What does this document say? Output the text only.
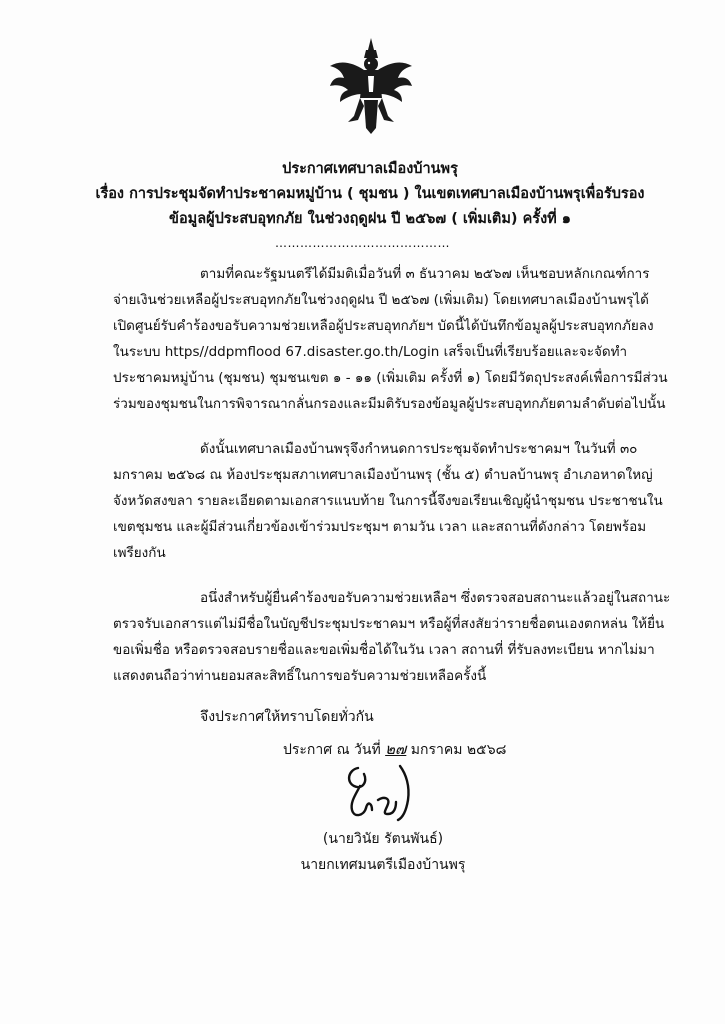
ประกาศเทศบาลเมืองบ้านพรุ
เรื่อง การประชุมจัดทำประชาคมหมู่บ้าน ( ชุมชน ) ในเขตเทศบาลเมืองบ้านพรุเพื่อรับรอง
ข้อมูลผู้ประสบอุทกภัย ในช่วงฤดูฝน ปี ๒๕๖๗ ( เพิ่มเติม) ครั้งที่ ๑
……………………………………
ตามที่คณะรัฐมนตรีได้มีมติเมื่อวันที่ ๓ ธันวาคม ๒๕๖๗ เห็นชอบหลักเกณฑ์การ
จ่ายเงินช่วยเหลือผู้ประสบอุทกภัยในช่วงฤดูฝน ปี ๒๕๖๗ (เพิ่มเติม) โดยเทศบาลเมืองบ้านพรุได้
เปิดศูนย์รับคำร้องขอรับความช่วยเหลือผู้ประสบอุทกภัยฯ บัดนี้ได้บันทึกข้อมูลผู้ประสบอุทกภัยลง
ในระบบ https//ddpmflood 67.disaster.go.th/Login เสร็จเป็นที่เรียบร้อยและจะจัดทำ
ประชาคมหมู่บ้าน (ชุมชน) ชุมชนเขต ๑ - ๑๑ (เพิ่มเติม ครั้งที่ ๑) โดยมีวัตถุประสงค์เพื่อการมีส่วน
ร่วมของชุมชนในการพิจารณากลั่นกรองและมีมติรับรองข้อมูลผู้ประสบอุทกภัยตามลำดับต่อไปนั้น
ดังนั้นเทศบาลเมืองบ้านพรุจึงกำหนดการประชุมจัดทำประชาคมฯ ในวันที่ ๓๐
มกราคม ๒๕๖๘ ณ ห้องประชุมสภาเทศบาลเมืองบ้านพรุ (ชั้น ๕) ตำบลบ้านพรุ อำเภอหาดใหญ่
จังหวัดสงขลา รายละเอียดตามเอกสารแนบท้าย ในการนี้จึงขอเรียนเชิญผู้นำชุมชน ประชาชนใน
เขตชุมชน และผู้มีส่วนเกี่ยวข้องเข้าร่วมประชุมฯ ตามวัน เวลา และสถานที่ดังกล่าว โดยพร้อม
เพรียงกัน
อนึ่งสำหรับผู้ยื่นคำร้องขอรับความช่วยเหลือฯ ซึ่งตรวจสอบสถานะแล้วอยู่ในสถานะ
ตรวจรับเอกสารแต่ไม่มีชื่อในบัญชีประชุมประชาคมฯ หรือผู้ที่สงสัยว่ารายชื่อตนเองตกหล่น ให้ยื่น
ขอเพิ่มชื่อ หรือตรวจสอบรายชื่อและขอเพิ่มชื่อได้ในวัน เวลา สถานที่ ที่รับลงทะเบียน หากไม่มา
แสดงตนถือว่าท่านยอมสละสิทธิ์ในการขอรับความช่วยเหลือครั้งนี้
จึงประกาศให้ทราบโดยทั่วกัน
ประกาศ ณ วันที่ ๒๗ มกราคม ๒๕๖๘
(นายวินัย รัตนพันธ์)
นายกเทศมนตรีเมืองบ้านพรุ
